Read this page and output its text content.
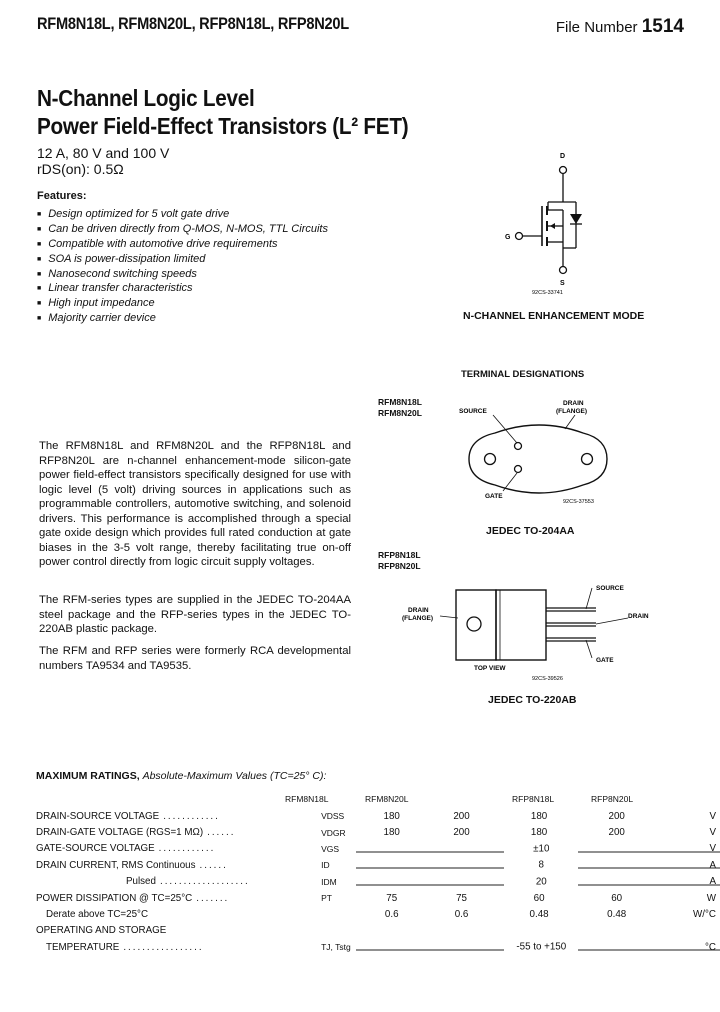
RFM8N18L, RFM8N20L, RFP8N18L, RFP8N20L	File Number 1514
N-Channel Logic Level
Power Field-Effect Transistors (L² FET)
12 A, 80 V and 100 V
rDS(on): 0.5Ω
Features:
■ Design optimized for 5 volt gate drive
■ Can be driven directly from Q-MOS, N-MOS, TTL Circuits
■ Compatible with automotive drive requirements
■ SOA is power-dissipation limited
■ Nanosecond switching speeds
■ Linear transfer characteristics
■ High input impedance
■ Majority carrier device
D
S
G
92CS-33741
N-CHANNEL ENHANCEMENT MODE
TERMINAL DESIGNATIONS
RFM8N18L
RFM8N20L	SOURCE
DRAIN
(FLANGE)
GATE
92CS-37553
JEDEC TO-204AA
RFP8N18L
RFP8N20L
DRAIN
(FLANGE)
SOURCE
DRAIN
GATE
TOP VIEW
92CS-39526
JEDEC TO-220AB
The RFM8N18L and RFM8N20L and the RFP8N18L and RFP8N20L are n-channel enhancement-mode silicon-gate power field-effect transistors specifically designed for use with logic level (5 volt) driving sources in applications such as programmable controllers, automotive switching, and solenoid drivers. This performance is accomplished through a special gate oxide design which provides full rated conduction at gate biases in the 3-5 volt range, thereby facilitating true on-off power control directly from logic circuit supply voltages.
The RFM-series types are supplied in the JEDEC TO-204AA steel package and the RFP-series types in the JEDEC TO-220AB plastic package.
The RFM and RFP series were formerly RCA developmental numbers TA9534 and TA9535.
MAXIMUM RATINGS, Absolute-Maximum Values (TC=25° C):
RFM8N18L	RFM8N20L	RFP8N18L	RFP8N20L
DRAIN-SOURCE VOLTAGE ............	VDSS	180	200		180	200	V
DRAIN-GATE VOLTAGE (RGS=1 MΩ) ......	VDGR	180	200		180	200	V
GATE-SOURCE VOLTAGE ............	VGS			±10			V
DRAIN CURRENT, RMS Continuous ......	ID			8			A
Pulsed ...................	IDM			20			A
POWER DISSIPATION @ TC=25°C .......	PT	75	75		60	60	W
Derate above TC=25°C		0.6	0.6		0.48	0.48	W/°C
OPERATING AND STORAGE				

TEMPERATURE .................	TJ, Tstg			-55 to +150			°C
